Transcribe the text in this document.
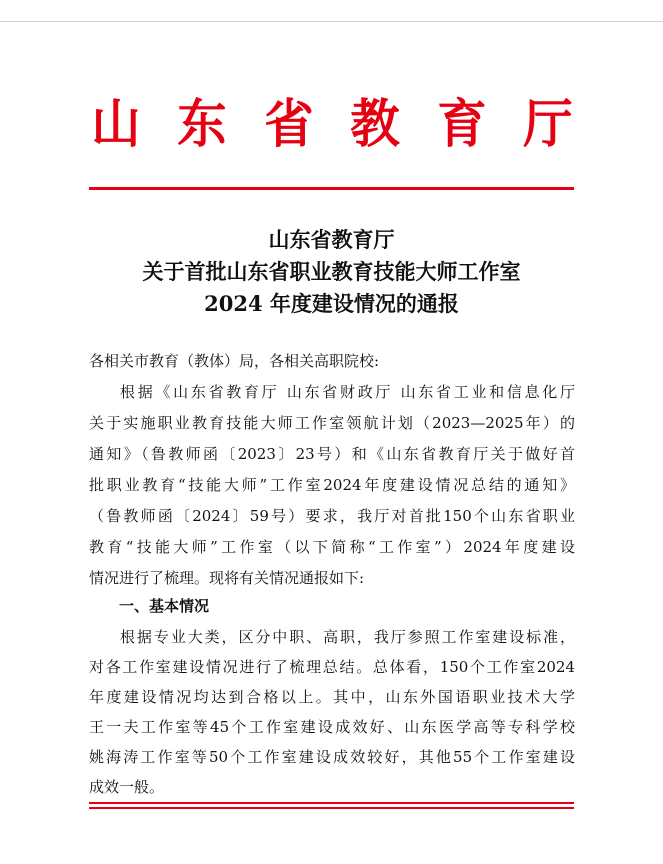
山 东 省 教 育 厅
山东省教育厅
关于首批山东省职业教育技能大师工作室
2024 年度建设情况的通报
各相关市教育（教体）局，各相关高职院校:
根据《山东省教育厅 山东省财政厅 山东省工业和信息化厅
关于实施职业教育技能大师工作室领航计划（2023—2025年）的
通知》（鲁教师函〔2023〕23号）和《山东省教育厅关于做好首
批职业教育“技能大师”工作室2024年度建设情况总结的通知》
（鲁教师函〔2024〕59号）要求，我厅对首批150个山东省职业
教育“技能大师”工作室（以下简称“工作室”）2024年度建设
情况进行了梳理。现将有关情况通报如下:
一、基本情况
根据专业大类，区分中职、高职，我厅参照工作室建设标准，
对各工作室建设情况进行了梳理总结。总体看，150个工作室2024
年度建设情况均达到合格以上。其中，山东外国语职业技术大学
王一夫工作室等45个工作室建设成效好、山东医学高等专科学校
姚海涛工作室等50个工作室建设成效较好，其他55个工作室建设
成效一般。
